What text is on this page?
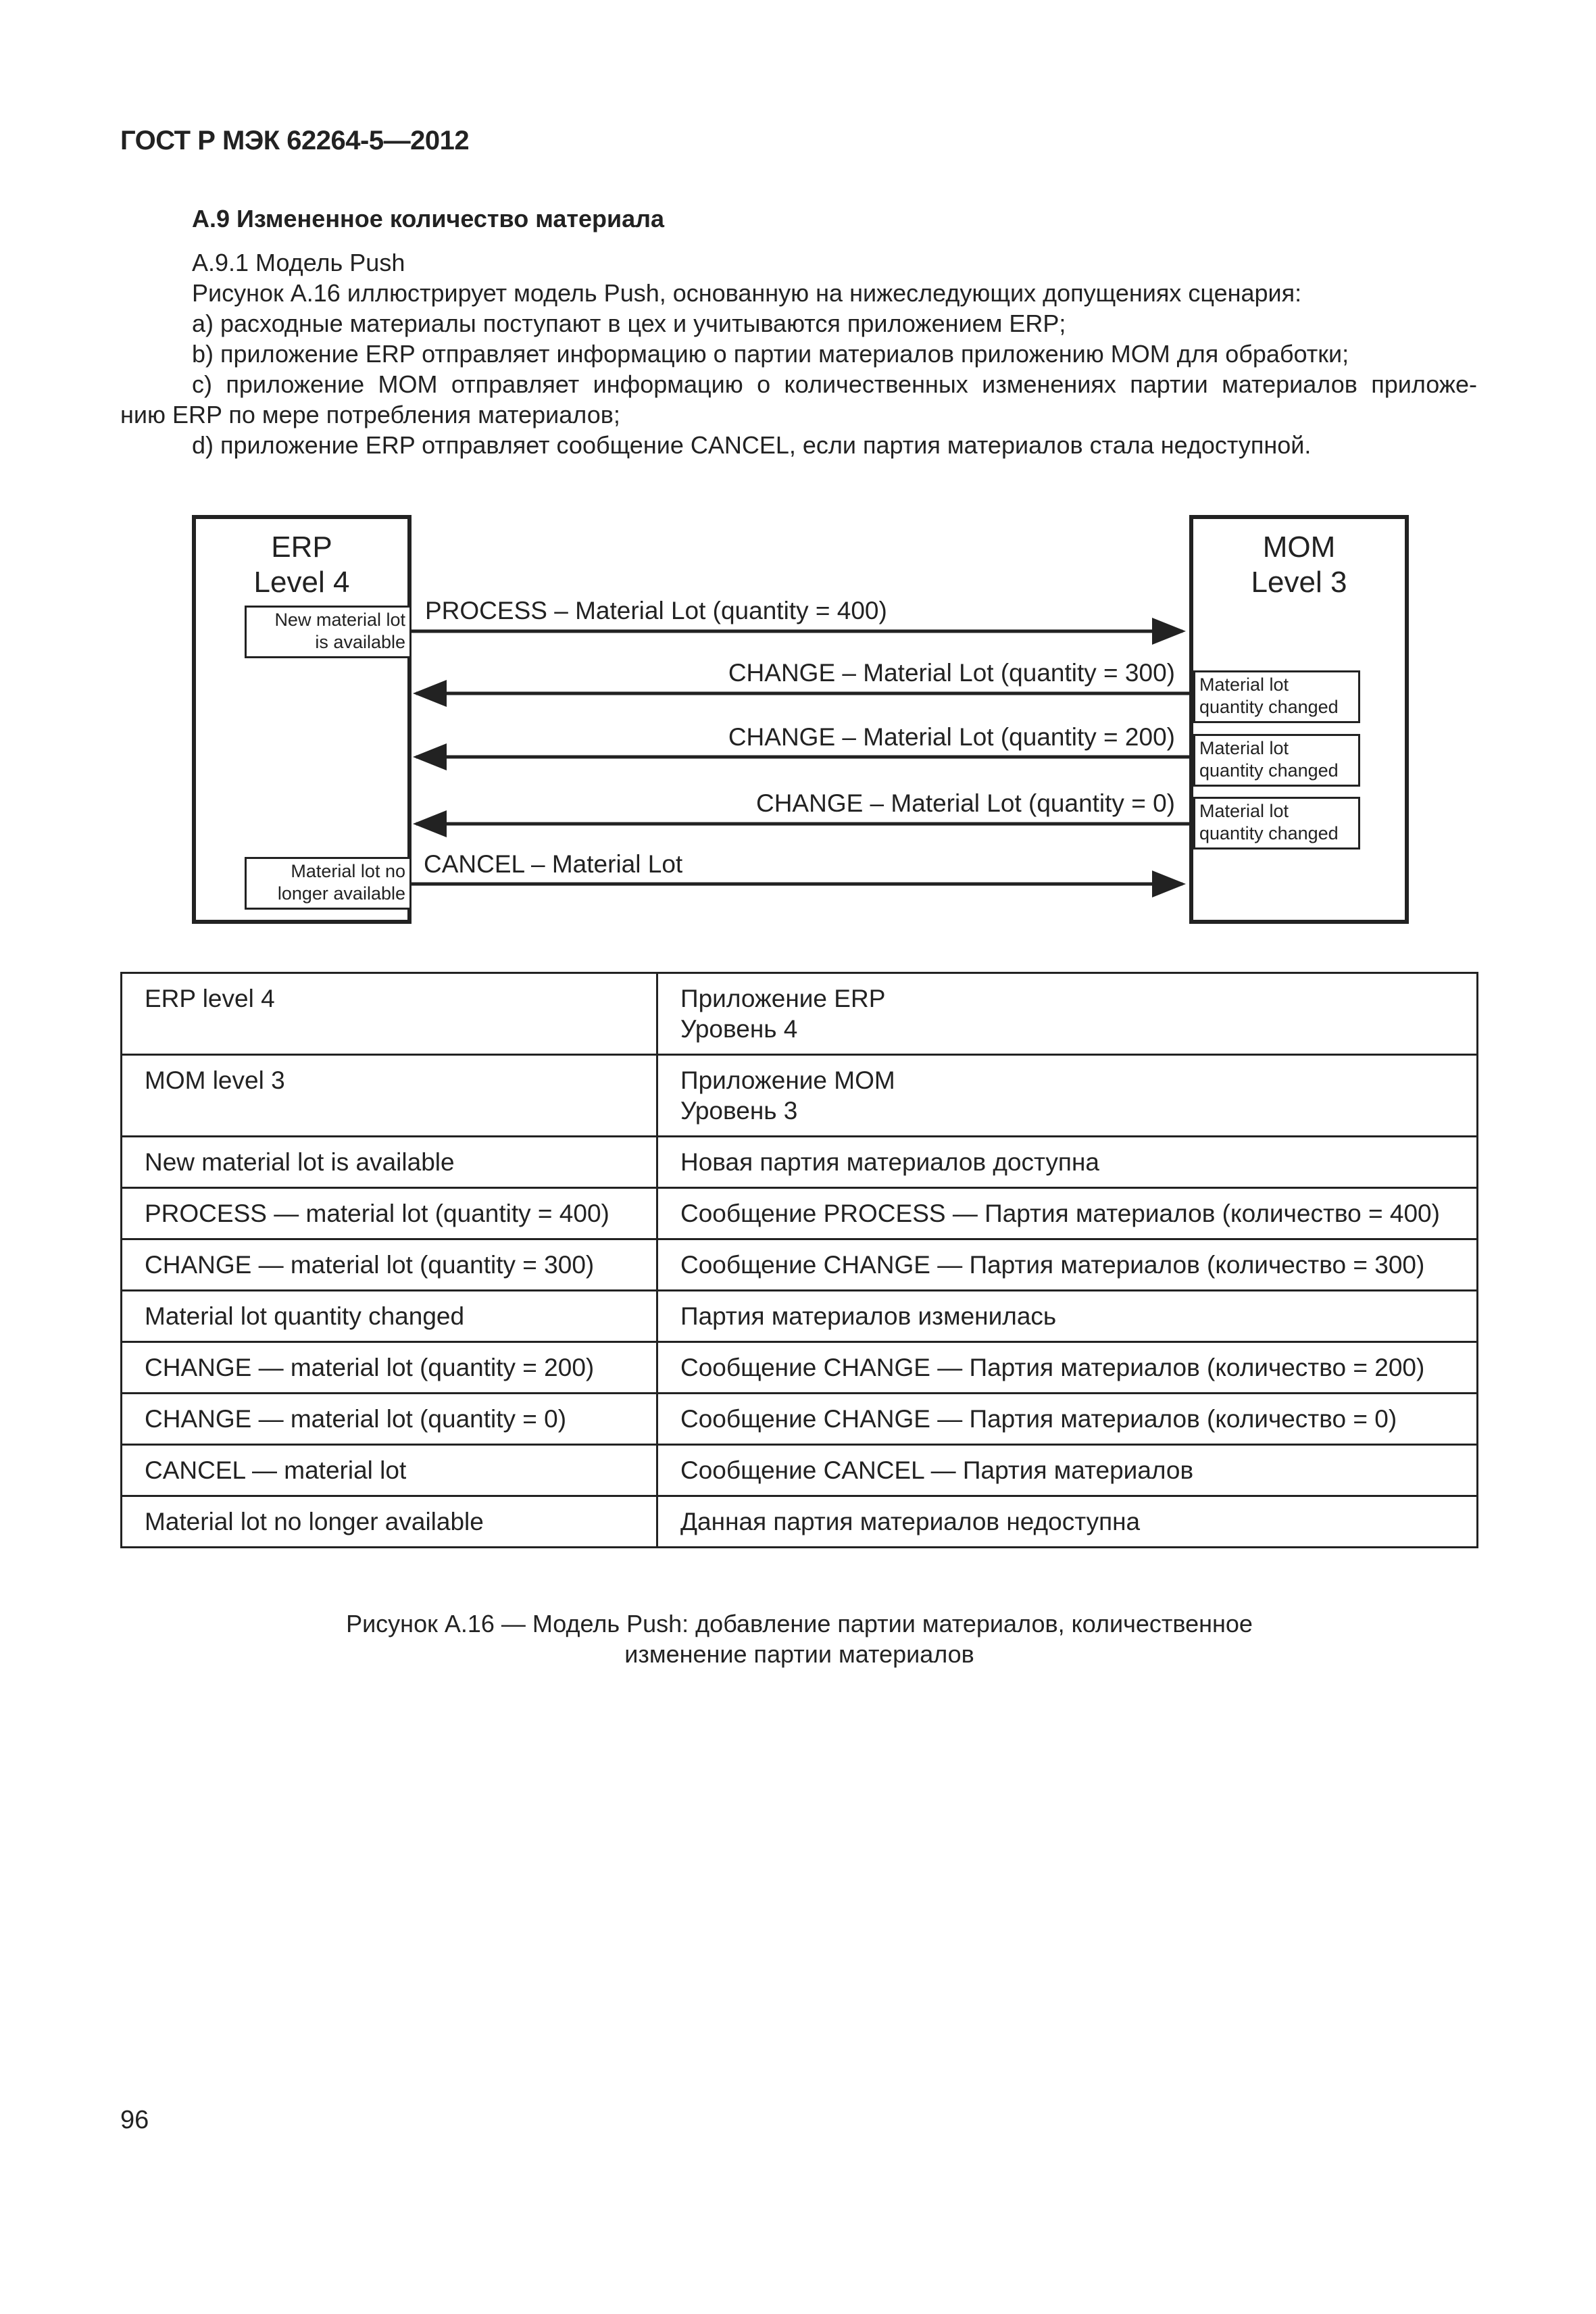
ГОСТ Р МЭК 62264-5—2012
А.9 Измененное количество материала
А.9.1 Модель Push
Рисунок А.16 иллюстрирует модель Push, основанную на нижеследующих допущениях сценария:
а) расходные материалы поступают в цех и учитываются приложением ERP;
b) приложение ERP отправляет информацию о партии материалов приложению МОМ для обработки;
c) приложение МОМ отправляет информацию о количественных изменениях партии материалов приложе-
нию ERP по мере потребления материалов;
d) приложение ERP отправляет сообщение CANCEL, если партия материалов стала недоступной.
ERP
Level 4
New material lot
is available
Material lot no
longer available
MOM
Level 3
Material lot
quantity changed
Material lot
quantity changed
Material lot
quantity changed
PROCESS – Material Lot (quantity = 400)
CHANGE – Material Lot (quantity = 300)
CHANGE – Material Lot (quantity = 200)
CHANGE – Material Lot (quantity = 0)
CANCEL – Material Lot
ERP level 4	Приложение ERP
Уровень 4

MOM level 3	Приложение МОМ
Уровень 3

New material lot is available	Новая партия материалов доступна
PROCESS — material lot (quantity = 400)	Сообщение PROCESS — Партия материалов (количество = 400)
CHANGE — material lot (quantity = 300)	Сообщение CHANGE — Партия материалов (количество = 300)
Material lot quantity changed	Партия материалов изменилась
CHANGE — material lot (quantity = 200)	Сообщение CHANGE — Партия материалов (количество = 200)
CHANGE — material lot (quantity = 0)	Сообщение CHANGE — Партия материалов (количество = 0)
CANCEL — material lot	Сообщение CANCEL — Партия материалов
Material lot no longer available	Данная партия материалов недоступна
Рисунок А.16 — Модель Push: добавление партии материалов, количественное
изменение партии материалов
96
